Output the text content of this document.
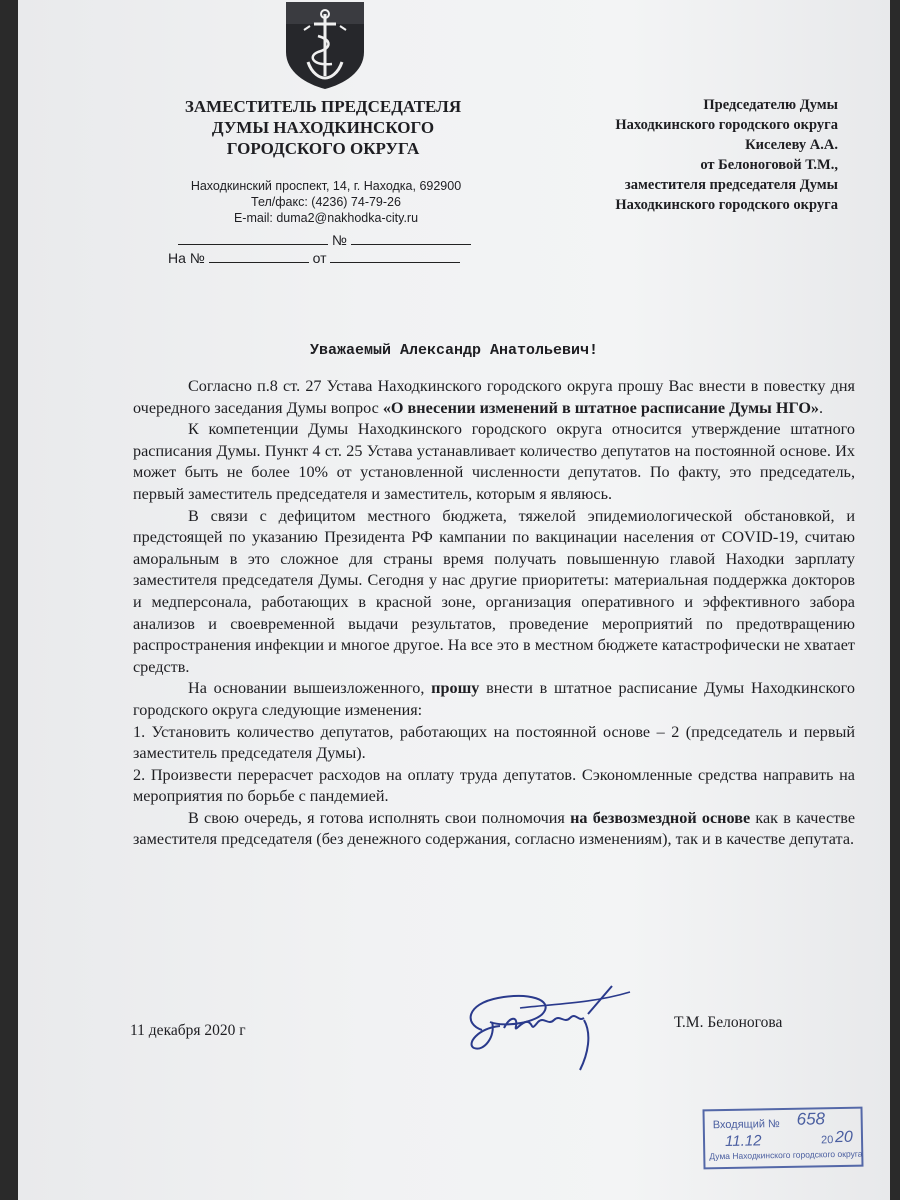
ЗАМЕСТИТЕЛЬ ПРЕДСЕДАТЕЛЯ
ДУМЫ НАХОДКИНСКОГО
ГОРОДСКОГО ОКРУГА
Находкинский проспект, 14, г. Находка, 692900
Тел/факс: (4236) 74-79-26
E-mail: duma2@nakhodka-city.ru
№
На №	от
Председателю Думы
Находкинского городского округа
Киселеву А.А.
от Белоноговой Т.М.,
заместителя председателя Думы
Находкинского городского округа
Уважаемый Александр Анатольевич!

Согласно п.8 ст. 27 Устава Находкинского городского округа прошу Вас внести в повестку дня очередного заседания Думы вопрос «О внесении изменений в штатное расписание Думы НГО».

К компетенции Думы Находкинского городского округа относится утверждение штатного расписания Думы. Пункт 4 ст. 25 Устава устанавливает количество депутатов на постоянной основе. Их может быть не более 10% от установленной численности депутатов. По факту, это председатель, первый заместитель председателя и заместитель, которым я являюсь.

В связи с дефицитом местного бюджета, тяжелой эпидемиологической обстановкой, и предстоящей по указанию Президента РФ кампании по вакцинации населения от COVID-19, считаю аморальным в это сложное для страны время получать повышенную главой Находки зарплату заместителя председателя Думы. Сегодня у нас другие приоритеты: материальная поддержка докторов и медперсонала, работающих в красной зоне, организация оперативного и эффективного забора анализов и своевременной выдачи результатов, проведение мероприятий по предотвращению распространения инфекции и многое другое. На все это в местном бюджете катастрофически не хватает средств.

На основании вышеизложенного, прошу внести в штатное расписание Думы Находкинского городского округа следующие изменения:

1. Установить количество депутатов, работающих на постоянной основе – 2 (председатель и первый заместитель председателя Думы).

2. Произвести перерасчет расходов на оплату труда депутатов. Сэкономленные средства направить на мероприятия по борьбе с пандемией.

В свою очередь, я готова исполнять свои полномочия на безвозмездной основе как в качестве заместителя председателя (без денежного содержания, согласно изменениям), так и в качестве депутата.

11 декабря 2020 г	Т.М. Белоногова
Входящий № 658
11.12	20 20
Дума Находкинского городского округа
